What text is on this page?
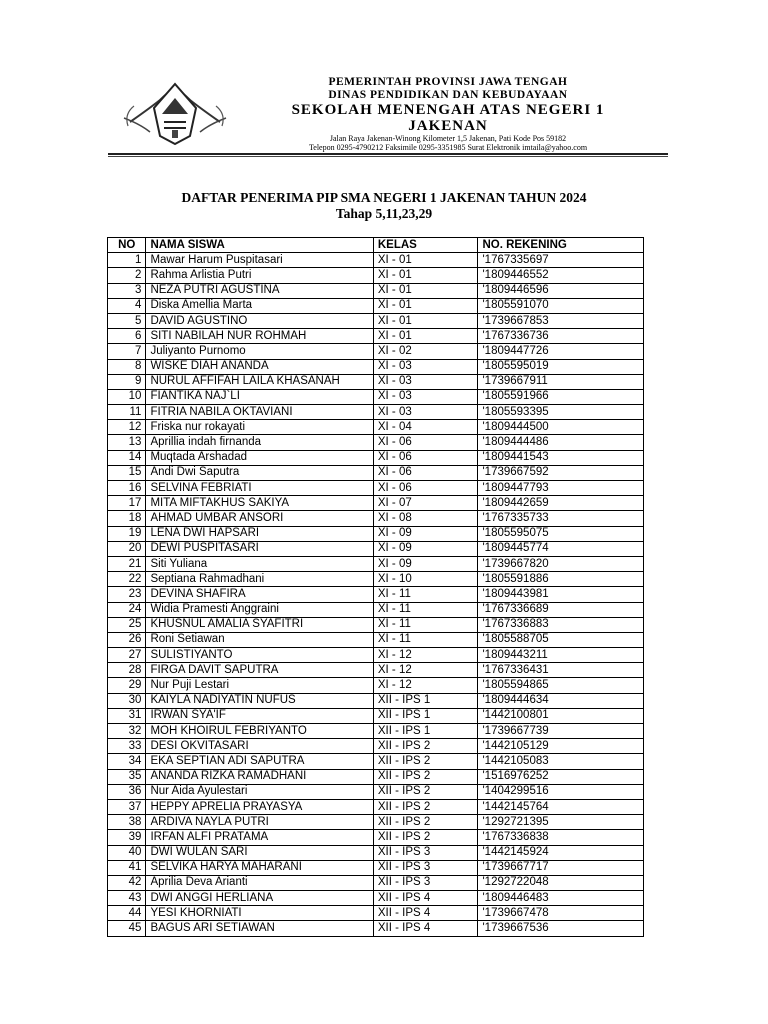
PEMERINTAH PROVINSI JAWA TENGAH
DINAS PENDIDIKAN DAN KEBUDAYAAN
SEKOLAH MENENGAH ATAS NEGERI 1
JAKENAN
Jalan Raya Jakenan-Winong Kilometer 1,5 Jakenan, Pati Kode Pos 59182
Telepon 0295-4790212 Faksimile 0295-3351985 Surat Elektronik imtaila@yahoo.com
DAFTAR PENERIMA PIP SMA NEGERI 1 JAKENAN TAHUN 2024
Tahap 5,11,23,29
NO	NAMA SISWA	KELAS	NO. REKENING
1	Mawar Harum Puspitasari	XI - 01	'1767335697
2	Rahma Arlistia Putri	XI - 01	'1809446552
3	NEZA PUTRI AGUSTINA	XI - 01	'1809446596
4	Diska Amellia Marta	XI - 01	'1805591070
5	DAVID AGUSTINO	XI - 01	'1739667853
6	SITI NABILAH NUR ROHMAH	XI - 01	'1767336736
7	Juliyanto Purnomo	XI - 02	'1809447726
8	WISKE DIAH ANANDA	XI - 03	'1805595019
9	NURUL AFFIFAH LAILA KHASANAH	XI - 03	'1739667911
10	FIANTIKA NAJ`LI	XI - 03	'1805591966
11	FITRIA NABILA OKTAVIANI	XI - 03	'1805593395
12	Friska nur rokayati	XI - 04	'1809444500
13	Aprillia indah firnanda	XI - 06	'1809444486
14	Muqtada Arshadad	XI - 06	'1809441543
15	Andi Dwi Saputra	XI - 06	'1739667592
16	SELVINA FEBRIATI	XI - 06	'1809447793
17	MITA MIFTAKHUS SAKIYA	XI - 07	'1809442659
18	AHMAD UMBAR ANSORI	XI - 08	'1767335733
19	LENA DWI HAPSARI	XI - 09	'1805595075
20	DEWI PUSPITASARI	XI - 09	'1809445774
21	Siti Yuliana	XI - 09	'1739667820
22	Septiana Rahmadhani	XI - 10	'1805591886
23	DEVINA SHAFIRA	XI - 11	'1809443981
24	Widia Pramesti Anggraini	XI - 11	'1767336689
25	KHUSNUL AMALIA SYAFITRI	XI - 11	'1767336883
26	Roni Setiawan	XI - 11	'1805588705
27	SULISTIYANTO	XI - 12	'1809443211
28	FIRGA DAVIT SAPUTRA	XI - 12	'1767336431
29	Nur Puji Lestari	XI - 12	'1805594865
30	KAIYLA NADIYATIN NUFUS	XII - IPS 1	'1809444634
31	IRWAN SYA'IF	XII - IPS 1	'1442100801
32	MOH KHOIRUL FEBRIYANTO	XII - IPS 1	'1739667739
33	DESI OKVITASARI	XII - IPS 2	'1442105129
34	EKA SEPTIAN ADI SAPUTRA	XII - IPS 2	'1442105083
35	ANANDA RIZKA RAMADHANI	XII - IPS 2	'1516976252
36	Nur Aida Ayulestari	XII - IPS 2	'1404299516
37	HEPPY APRELIA PRAYASYA	XII - IPS 2	'1442145764
38	ARDIVA NAYLA PUTRI	XII - IPS 2	'1292721395
39	IRFAN ALFI PRATAMA	XII - IPS 2	'1767336838
40	DWI WULAN SARI	XII - IPS 3	'1442145924
41	SELVIKA HARYA MAHARANI	XII - IPS 3	'1739667717
42	Aprilia Deva Arianti	XII - IPS 3	'1292722048
43	DWI ANGGI HERLIANA	XII - IPS 4	'1809446483
44	YESI KHORNIATI	XII - IPS 4	'1739667478
45	BAGUS ARI SETIAWAN	XII - IPS 4	'1739667536
